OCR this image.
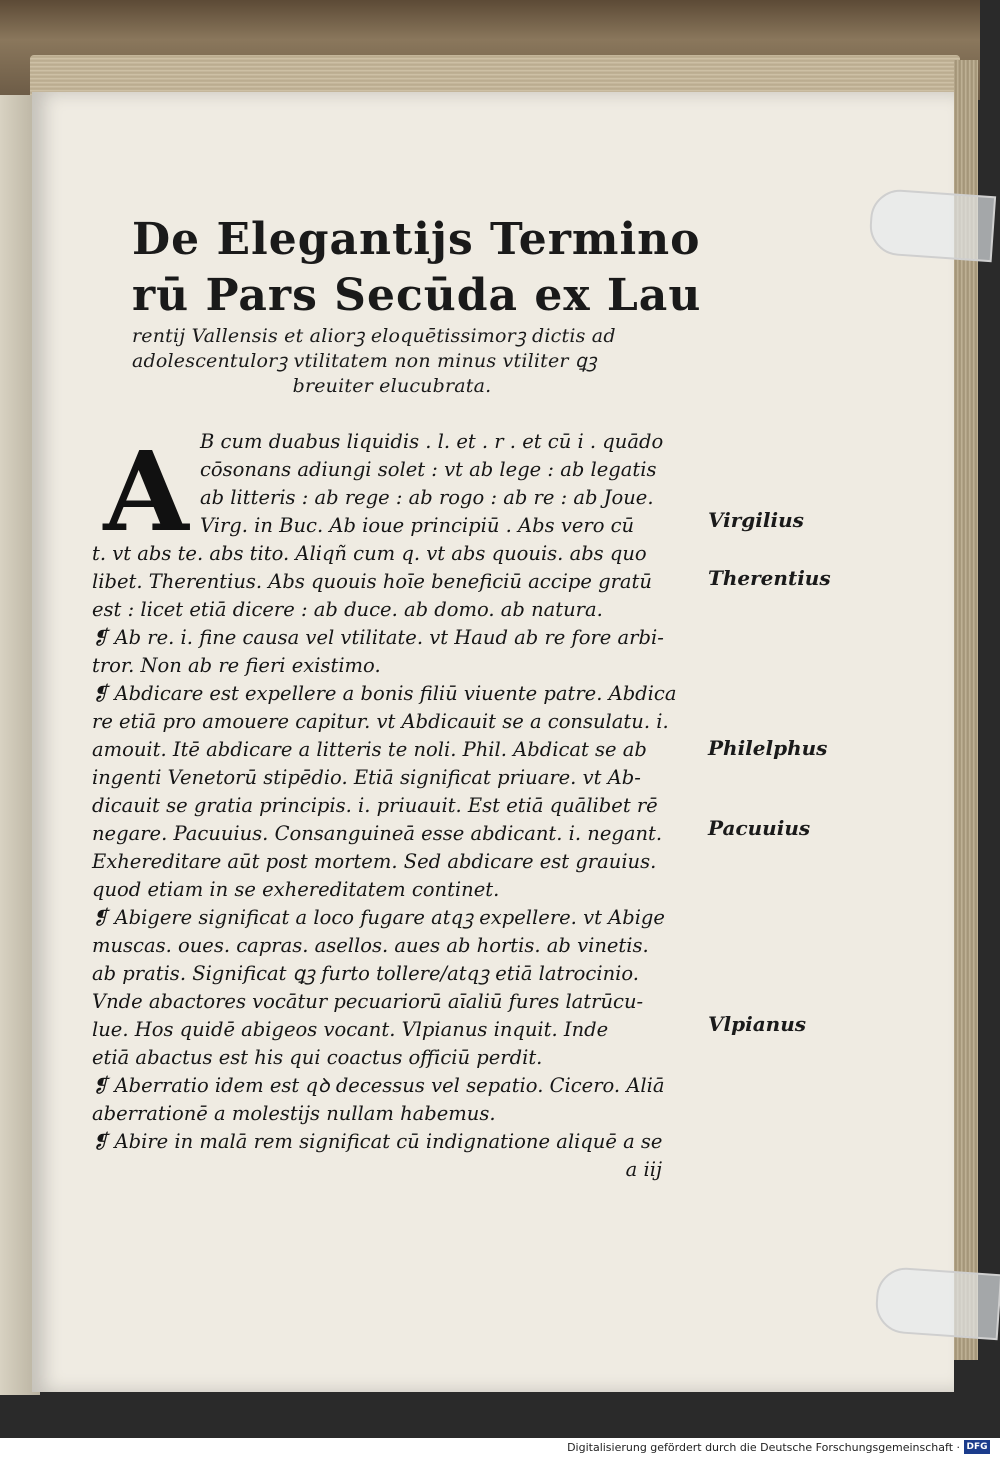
De Elegantijs Termino
rū Pars Secūda ex Lau
rentij Vallensis et aliorꝫ eloquētissimorꝫ dictis ad
adolescentulorꝫ vtilitatem non minus vtiliter ꝗꝫ
breuiter elucubrata.
A B cum duabus liquidis . l. et . r . et cū i . quādo
cōsonans adiungi solet : vt ab lege : ab legatis
ab litteris : ab rege : ab rogo : ab re : ab Joue.
Virg. in Buc. Ab ioue principiū . Abs vero cū
t. vt abs te. abs tito. Aliqñ cum q. vt abs quouis. abs quo
libet. Therentius. Abs quouis hoīe beneficiū accipe gratū
est : licet etiā dicere : ab duce. ab domo. ab natura.
❡ Ab re. i. fine causa vel vtilitate. vt Haud ab re fore arbi-
tror. Non ab re fieri existimo.
❡ Abdicare est expellere a bonis filiū viuente patre. Abdica
re etiā pro amouere capitur. vt Abdicauit se a consulatu. i.
amouit. Itē abdicare a litteris te noli. Phil. Abdicat se ab
ingenti Venetorū stipēdio. Etiā significat priuare. vt Ab-
dicauit se gratia principis. i. priuauit. Est etiā quālibet rē
negare. Pacuuius. Consanguineā esse abdicant. i. negant.
Exhereditare aūt post mortem. Sed abdicare est grauius.
quod etiam in se exhereditatem continet.
❡ Abigere significat a loco fugare atqꝫ expellere. vt Abige
muscas. oues. capras. asellos. aues ab hortis. ab vinetis.
ab pratis. Significat ꝗꝫ furto tollere/atqꝫ etiā latrocinio.
Vnde abactores vocātur pecuariorū aīaliū fures latrūcu-
lue. Hos quidē abigeos vocant. Vlpianus inquit. Inde
etiā abactus est his qui coactus officiū perdit.
❡ Aberratio idem est qꝺ decessus vel sepatio. Cicero. Aliā
aberrationē a molestijs nullam habemus.
❡ Abire in malā rem significat cū indignatione aliquē a se
a iij
Virgilius
Therentius
Philelphus
Pacuuius
Vlpianus
Digitalisierung gefördert durch die Deutsche Forschungsgemeinschaft · DFG
